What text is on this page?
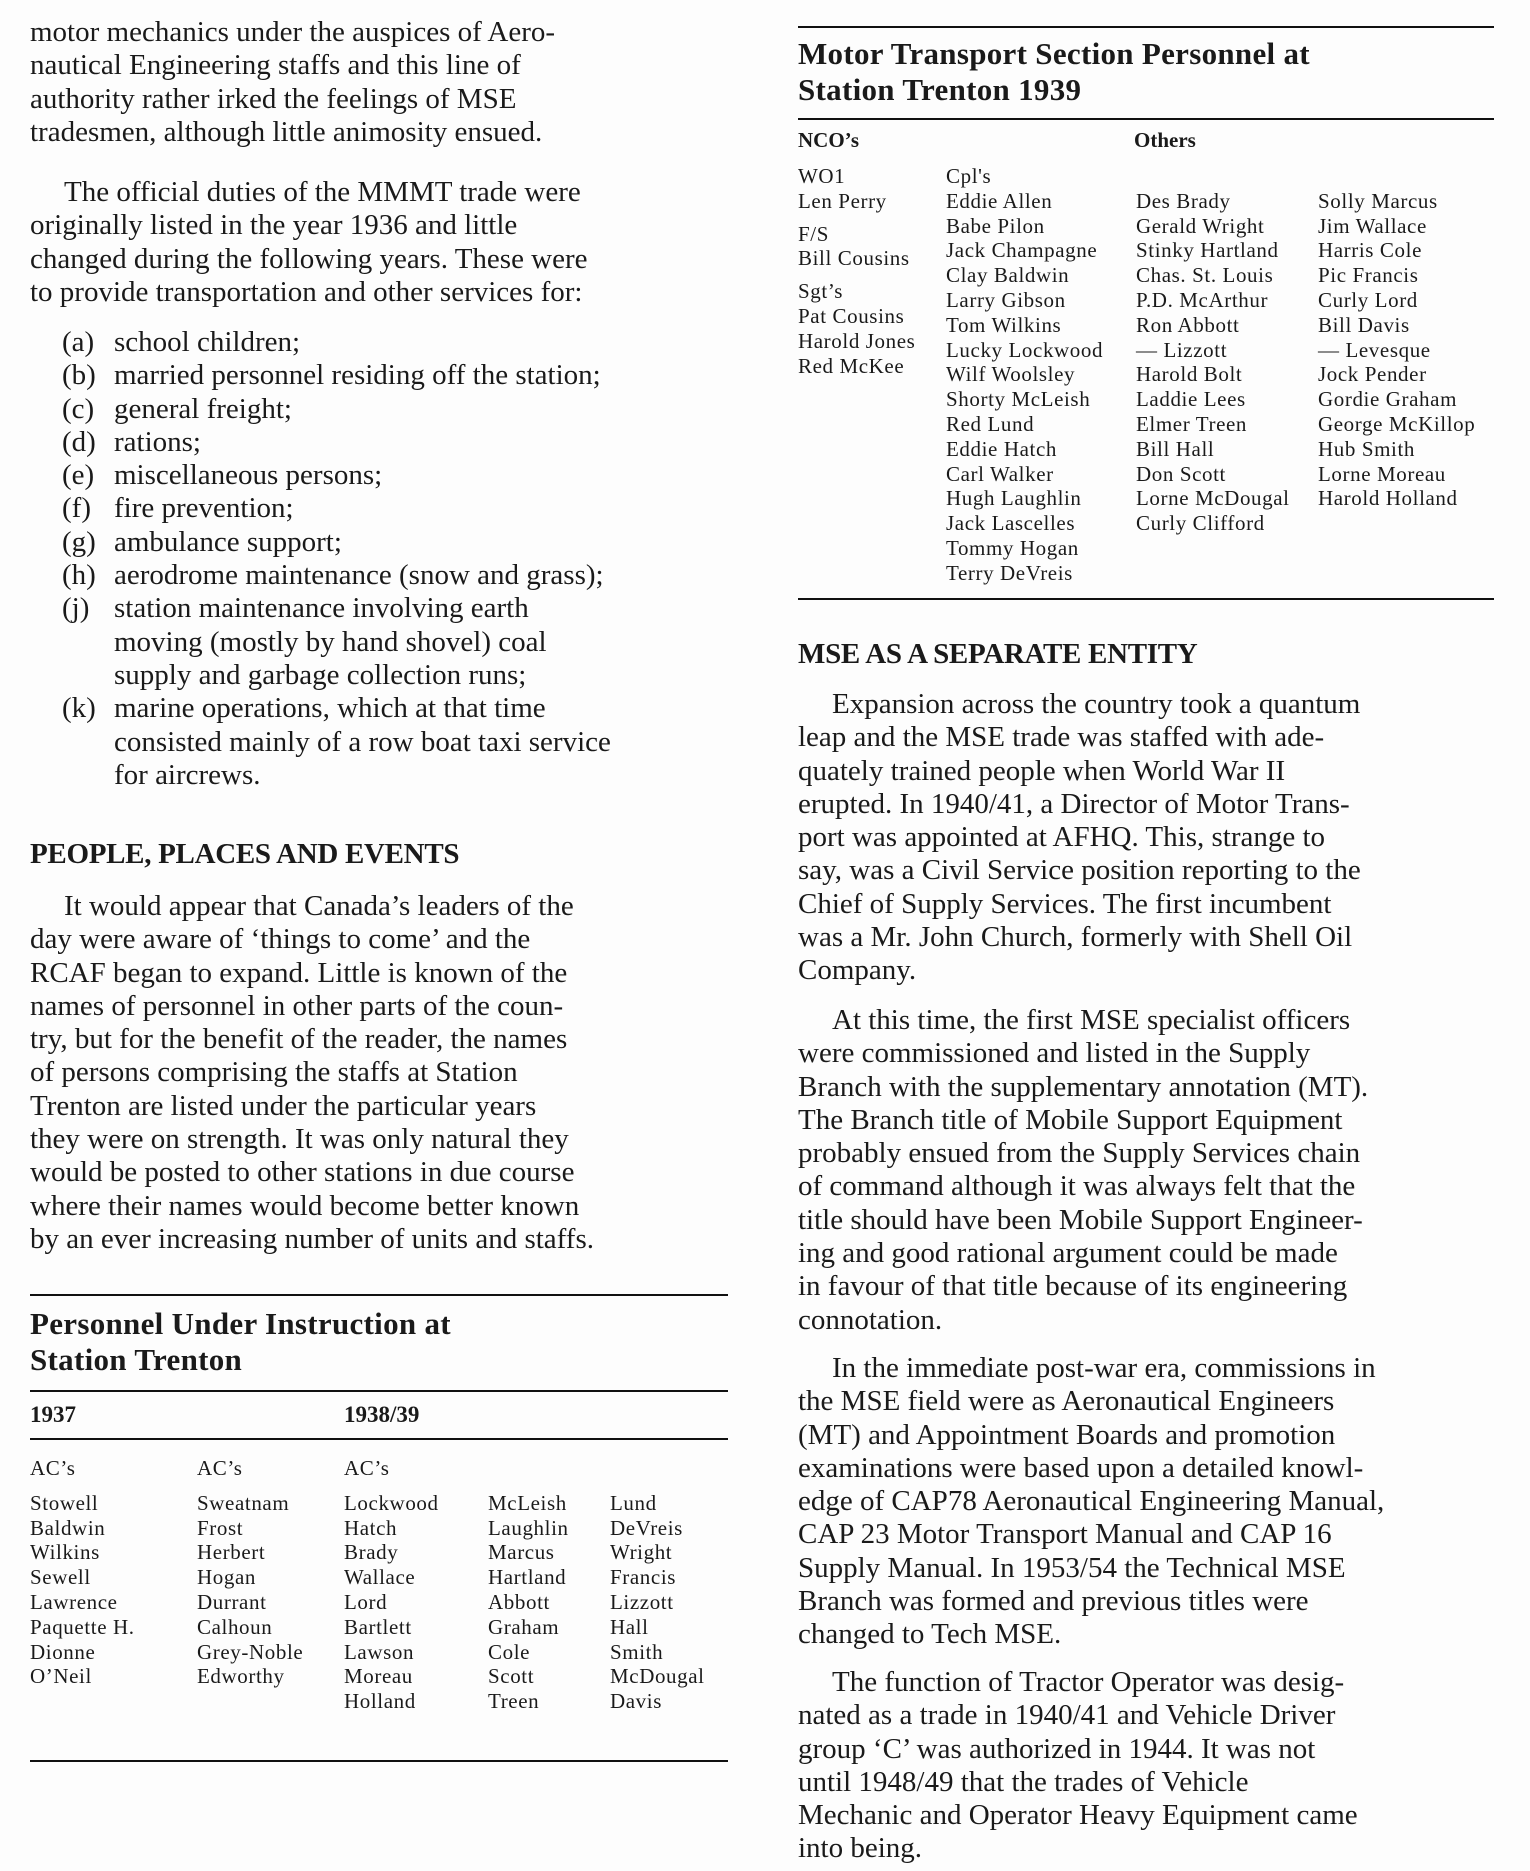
motor mechanics under the auspices of Aero-
nautical Engineering staffs and this line of
authority rather irked the feelings of MSE
tradesmen, although little animosity ensued.
The official duties of the MMMT trade were
originally listed in the year 1936 and little
changed during the following years. These were
to provide transportation and other services for:
(a) school children;
(b) married personnel residing off the station;
(c) general freight;
(d) rations;
(e) miscellaneous persons;
(f) fire prevention;
(g) ambulance support;
(h) aerodrome maintenance (snow and grass);
(j) station maintenance involving earth
moving (mostly by hand shovel) coal
supply and garbage collection runs;
(k) marine operations, which at that time
consisted mainly of a row boat taxi service
for aircrews.
PEOPLE, PLACES AND EVENTS
It would appear that Canada’s leaders of the
day were aware of ‘things to come’ and the
RCAF began to expand. Little is known of the
names of personnel in other parts of the coun-
try, but for the benefit of the reader, the names
of persons comprising the staffs at Station
Trenton are listed under the particular years
they were on strength. It was only natural they
would be posted to other stations in due course
where their names would become better known
by an ever increasing number of units and staffs.
Personnel Under Instruction at
Station Trenton
1937	1938/39
AC’s
Stowell
Baldwin
Wilkins
Sewell
Lawrence
Paquette H.
Dionne
O’Neil
AC’s
Sweatnam
Frost
Herbert
Hogan
Durrant
Calhoun
Grey-Noble
Edworthy
AC’s
Lockwood
Hatch
Brady
Wallace
Lord
Bartlett
Lawson
Moreau
Holland
McLeish
Laughlin
Marcus
Hartland
Abbott
Graham
Cole
Scott
Treen
Lund
DeVreis
Wright
Francis
Lizzott
Hall
Smith
McDougal
Davis
Motor Transport Section Personnel at
Station Trenton 1939
NCO’s	Others
WO1
Len Perry
F/S
Bill Cousins
Sgt’s
Pat Cousins
Harold Jones
Red McKee
Cpl's
Eddie Allen
Babe Pilon
Jack Champagne
Clay Baldwin
Larry Gibson
Tom Wilkins
Lucky Lockwood
Wilf Woolsley
Shorty McLeish
Red Lund
Eddie Hatch
Carl Walker
Hugh Laughlin
Jack Lascelles
Tommy Hogan
Terry DeVreis
Des Brady
Gerald Wright
Stinky Hartland
Chas. St. Louis
P.D. McArthur
Ron Abbott
— Lizzott
Harold Bolt
Laddie Lees
Elmer Treen
Bill Hall
Don Scott
Lorne McDougal
Curly Clifford
Solly Marcus
Jim Wallace
Harris Cole
Pic Francis
Curly Lord
Bill Davis
— Levesque
Jock Pender
Gordie Graham
George McKillop
Hub Smith
Lorne Moreau
Harold Holland
MSE AS A SEPARATE ENTITY
Expansion across the country took a quantum
leap and the MSE trade was staffed with ade-
quately trained people when World War II
erupted. In 1940/41, a Director of Motor Trans-
port was appointed at AFHQ. This, strange to
say, was a Civil Service position reporting to the
Chief of Supply Services. The first incumbent
was a Mr. John Church, formerly with Shell Oil
Company.
At this time, the first MSE specialist officers
were commissioned and listed in the Supply
Branch with the supplementary annotation (MT).
The Branch title of Mobile Support Equipment
probably ensued from the Supply Services chain
of command although it was always felt that the
title should have been Mobile Support Engineer-
ing and good rational argument could be made
in favour of that title because of its engineering
connotation.
In the immediate post-war era, commissions in
the MSE field were as Aeronautical Engineers
(MT) and Appointment Boards and promotion
examinations were based upon a detailed knowl-
edge of CAP78 Aeronautical Engineering Manual,
CAP 23 Motor Transport Manual and CAP 16
Supply Manual. In 1953/54 the Technical MSE
Branch was formed and previous titles were
changed to Tech MSE.
The function of Tractor Operator was desig-
nated as a trade in 1940/41 and Vehicle Driver
group ‘C’ was authorized in 1944. It was not
until 1948/49 that the trades of Vehicle
Mechanic and Operator Heavy Equipment came
into being.
